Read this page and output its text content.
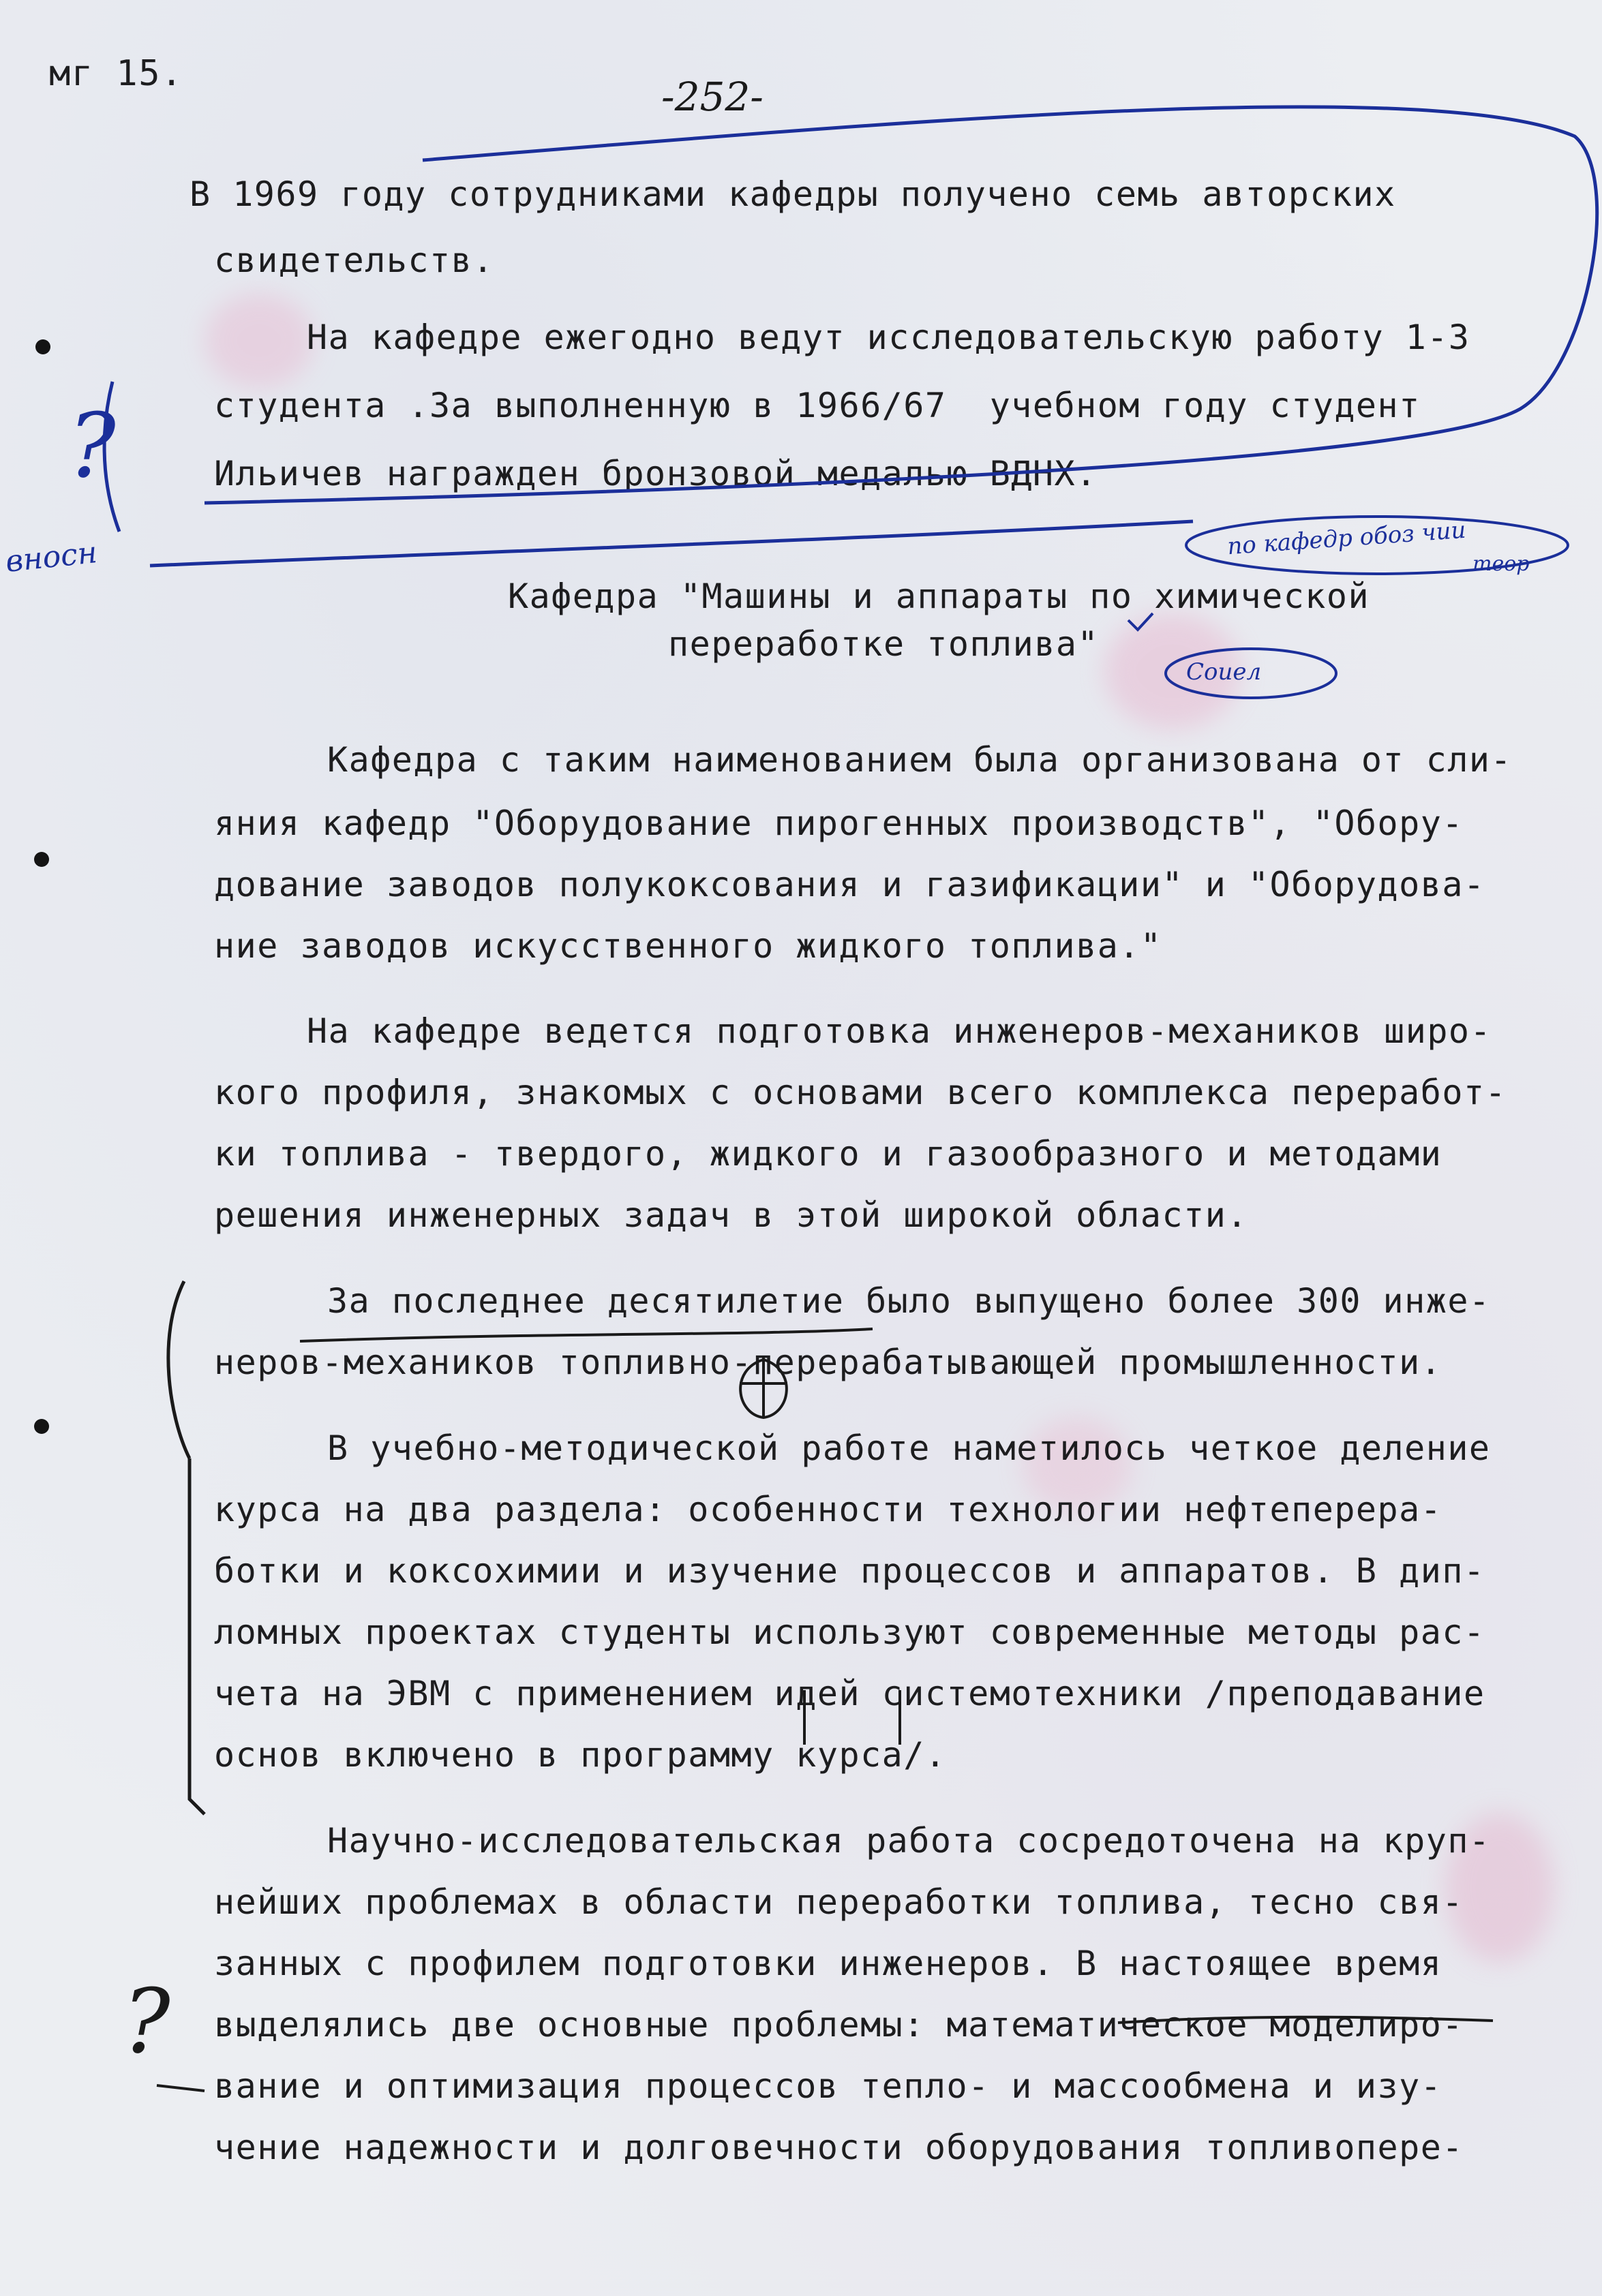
мг 15.	-252-
В 1969 году сотрудниками кафедры получено семь авторских
свидетельств.
На кафедре ежегодно ведут исследовательскую работу 1-3
студента .За выполненную в 1966/67  учебном году студент
Ильичев награжден бронзовой медалью ВДНХ.
Кафедра "Машины и аппараты по химической
переработке топлива"
Кафедра с таким наименованием была организована от сли-
яния кафедр "Оборудование пирогенных производств", "Обору-
дование заводов полукоксования и газификации" и "Оборудова-
ние заводов искусственного жидкого топлива."
На кафедре ведется подготовка инженеров-механиков широ-
кого профиля, знакомых с основами всего комплекса переработ-
ки топлива - твердого, жидкого и газообразного и методами
решения инженерных задач в этой широкой области.
За последнее десятилетие было выпущено более 300 инже-
неров-механиков топливно-перерабатывающей промышленности.
В учебно-методической работе наметилось четкое деление
курса на два раздела: особенности технологии нефтеперера-
ботки и коксохимии и изучение процессов и аппаратов. В дип-
ломных проектах студенты используют современные методы рас-
чета на ЭВМ с применением идей системотехники /преподавание
основ включено в программу курса/.
Научно-исследовательская работа сосредоточена на круп-
нейших проблемах в области переработки топлива, тесно свя-
занных с профилем подготовки инженеров. В настоящее время
выделялись две основные проблемы: математическое моделиро-
вание и оптимизация процессов тепло- и массообмена и изу-
чение надежности и долговечности оборудования топливопере-
вносн	по кафедр обоз чии
теор
Соиел
?
?
